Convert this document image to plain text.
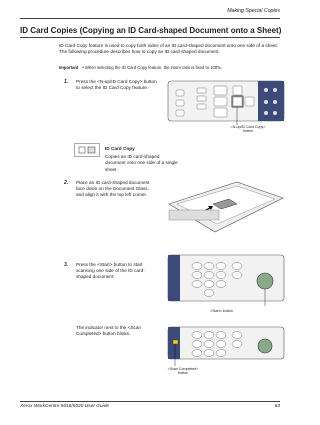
Making Special Copies
ID Card Copies (Copying an ID Card-shaped Document onto a Sheet)

ID Card Copy feature is used to copy both sides of an ID card-shaped document onto one side of a sheet. The following procedure describes how to copy an ID card-shaped document.

Important • When selecting the ID Card Copy feature, the zoom ratio is fixed to 100%.
1. Press the <N-up/ID Card Copy> button to select the ID Card Copy feature.

<N-up/ID Card Copy>
button
ID Card Copy
Copies an ID card-shaped document onto one side of a single sheet.
2. Place an ID card-shaped document face down on the Document Glass, and align it with the top left corner.

3. Press the <Start> button to start scanning one side of the ID card-shaped document.

<Start> button

The indicator next to the <Scan Completed> button blinks.

<Scan Completed>
button
Xerox WorkCentre 5016/5020 User Guide	63
